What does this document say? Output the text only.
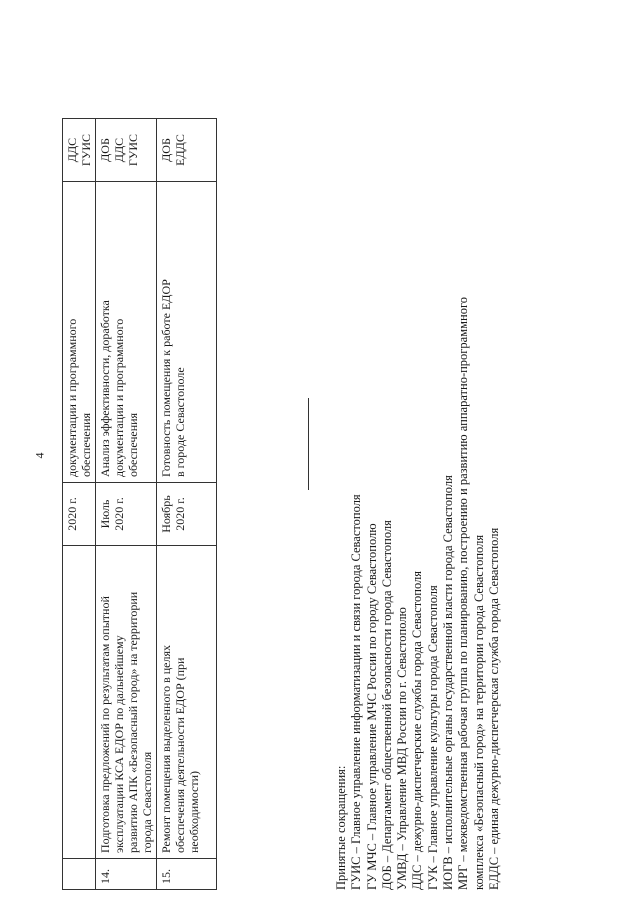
4

		2020 г.	документации и программного обеспечения	ДДС ГУИС

14.	Подготовка предложений по результатам опытной эксплуатации КСА ЕДОР по дальнейшему развитию АПК «Безопасный город» на территории города Севастополя	Июль 2020 г.	Анализ эффективности, доработка документации и программного обеспечения	ДОБ ДДС ГУИС

15.	Ремонт помещения выделенного в целях обеспечения деятельности ЕДОР (при необходимости)	Ноябрь 2020 г.	Готовность помещения к работе ЕДОР в городе Севастополе	ДОБ ЕДДС
Принятые сокращения: ГУИС – Главное управление информатизации и связи города Севастополя ГУ МЧС – Главное управление МЧС России по городу Севастополю ДОБ – Департамент общественной безопасности города Севастополя УМВД – Управление МВД России по г. Севастополю ДДС – дежурно-диспетчерские службы города Севастополя ГУК – Главное управление культуры города Севастополя ИОГВ – исполнительные органы государственной власти города Севастополя МРГ – межведомственная рабочая группа по планированию, построению и развитию аппаратно-программного комплекса «Безопасный город» на территории города Севастополя ЕДДС – единая дежурно-диспетчерская служба города Севастополя
